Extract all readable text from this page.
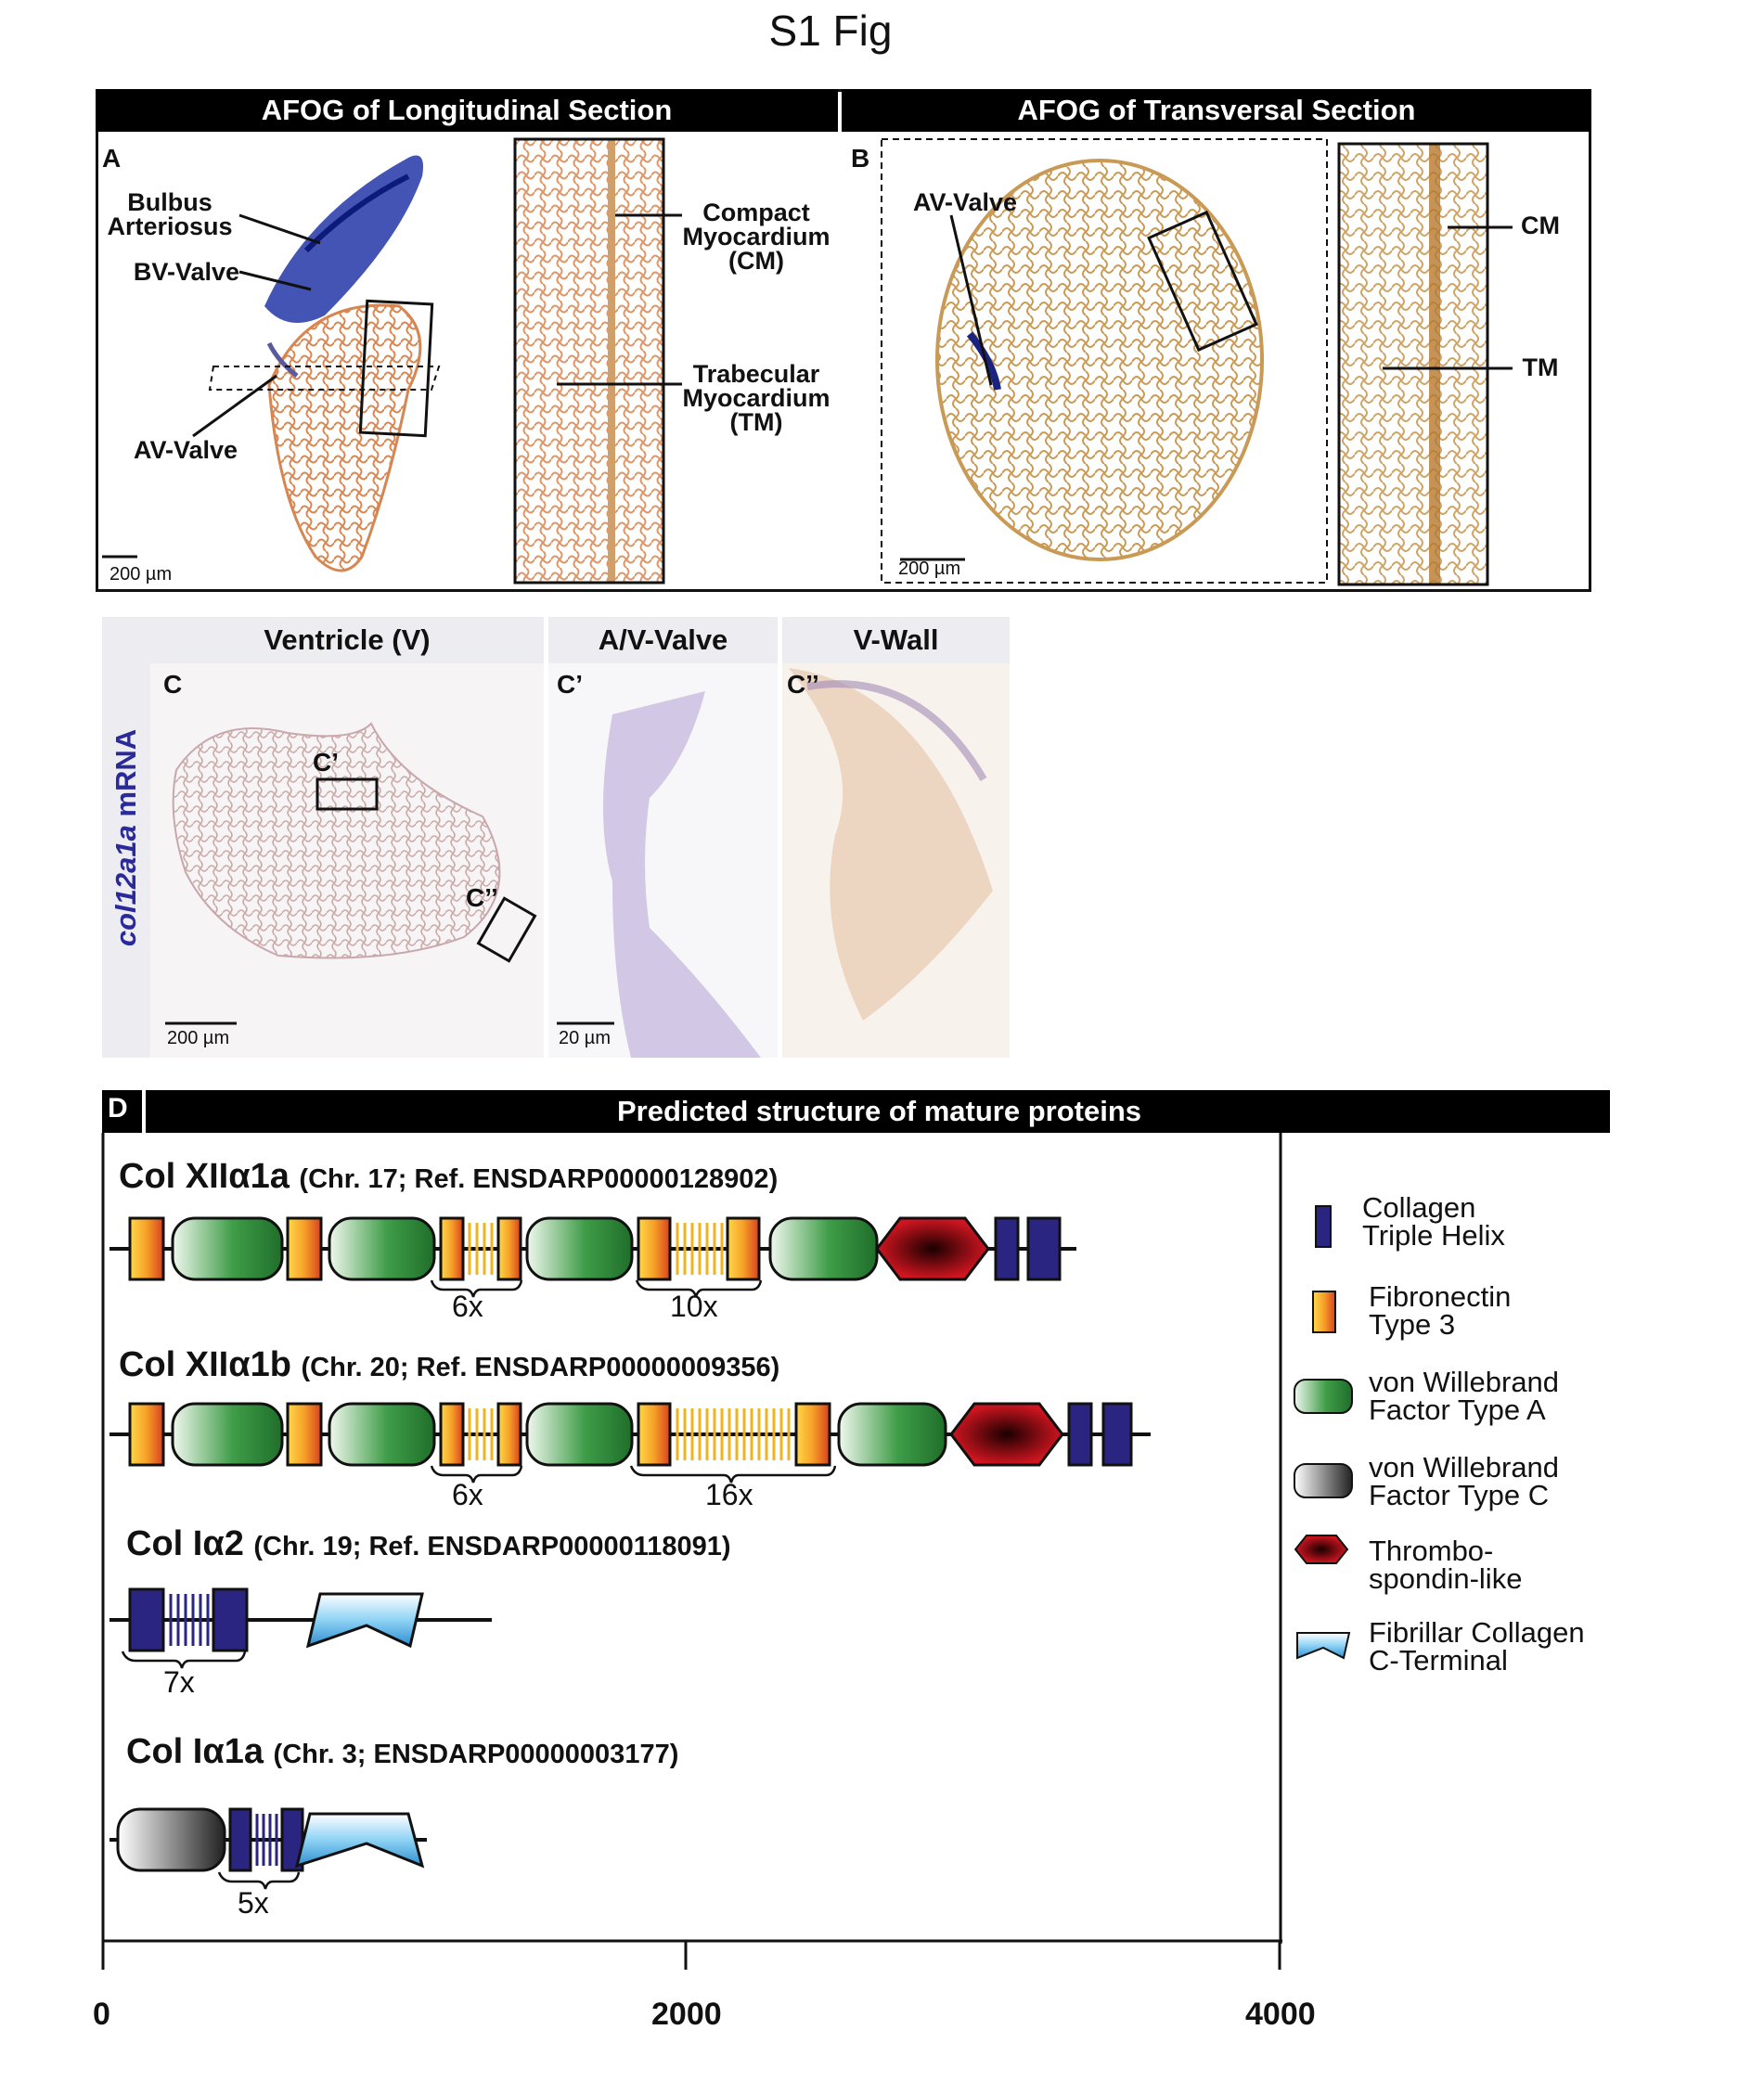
S1 Fig
AFOG of Longitudinal Section	AFOG of Transversal Section
A
Bulbus
Arteriosus
BV-Valve
AV-Valve
Compact
Myocardium
(CM)
Trabecular
Myocardium
(TM)
200 µm
B
AV-Valve
CM
TM
200 µm
Ventricle (V)	A/V-Valve	V-Wall
col12a1a mRNA
C	C’	C’’
C’
C’’
200 µm	20 µm
D	Predicted structure of mature proteins
Col XIIα1a (Chr. 17; Ref. ENSDARP00000128902)
6x	10x
Col XIIα1b (Chr. 20; Ref. ENSDARP00000009356)
6x	16x
Col Iα2 (Chr. 19; Ref. ENSDARP00000118091)
7x
Col Iα1a (Chr. 3; ENSDARP00000003177)
5x
Collagen
Triple Helix
Fibronectin
Type 3
von Willebrand
Factor Type A
von Willebrand
Factor Type C
Thrombo-
spondin-like
Fibrillar Collagen
C-Terminal
0	2000	4000
